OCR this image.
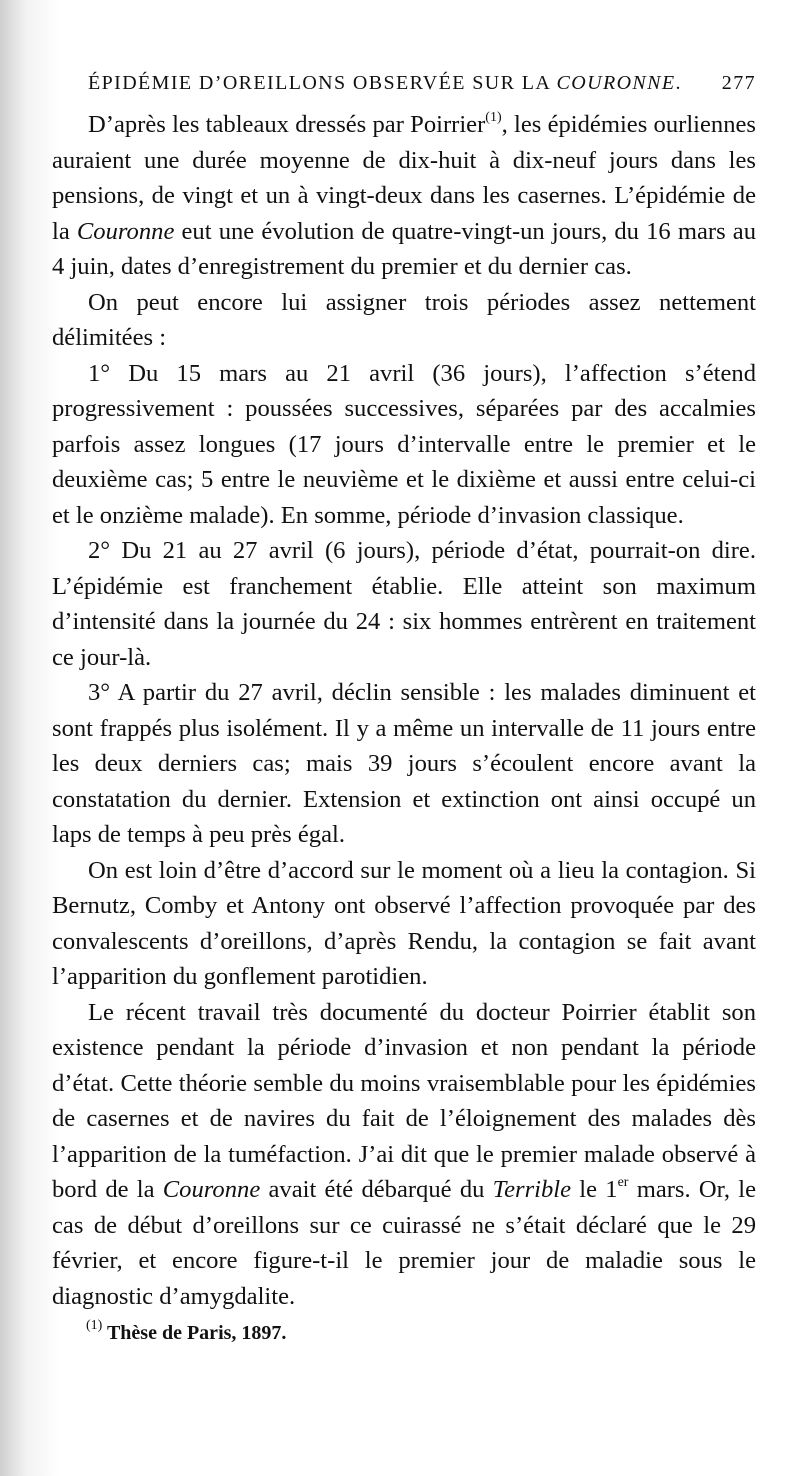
ÉPIDÉMIE D’OREILLONS OBSERVÉE SUR LA COURONNE. 277

D’après les tableaux dressés par Poirrier$^{(1)}$, les épidémies ourliennes auraient une durée moyenne de dix-huit à dix-neuf jours dans les pensions, de vingt et un à vingt-deux dans les casernes. L’épidémie de la Couronne eut une évolution de quatre-vingt-un jours, du 16 mars au 4 juin, dates d’enregistrement du premier et du dernier cas.

On peut encore lui assigner trois périodes assez nettement délimitées :

1° Du 15 mars au 21 avril (36 jours), l’affection s’étend progressivement : poussées successives, séparées par des accalmies parfois assez longues (17 jours d’intervalle entre le premier et le deuxième cas; 5 entre le neuvième et le dixième et aussi entre celui-ci et le onzième malade). En somme, période d’invasion classique.

2° Du 21 au 27 avril (6 jours), période d’état, pourrait-on dire. L’épidémie est franchement établie. Elle atteint son maximum d’intensité dans la journée du 24 : six hommes entrèrent en traitement ce jour-là.

3° A partir du 27 avril, déclin sensible : les malades diminuent et sont frappés plus isolément. Il y a même un intervalle de 11 jours entre les deux derniers cas; mais 39 jours s’écoulent encore avant la constatation du dernier. Extension et extinction ont ainsi occupé un laps de temps à peu près égal.

On est loin d’être d’accord sur le moment où a lieu la contagion. Si Bernutz, Comby et Antony ont observé l’affection provoquée par des convalescents d’oreillons, d’après Rendu, la contagion se fait avant l’apparition du gonflement parotidien.

Le récent travail très documenté du docteur Poirrier établit son existence pendant la période d’invasion et non pendant la période d’état. Cette théorie semble du moins vraisemblable pour les épidémies de casernes et de navires du fait de l’éloignement des malades dès l’apparition de la tuméfaction. J’ai dit que le premier malade observé à bord de la Couronne avait été débarqué du Terrible le 1er mars. Or, le cas de début d’oreillons sur ce cuirassé ne s’était déclaré que le 29 février, et encore figure-t-il le premier jour de maladie sous le diagnostic d’amygdalite.

$^{(1)}$ Thèse de Paris, 1897.
